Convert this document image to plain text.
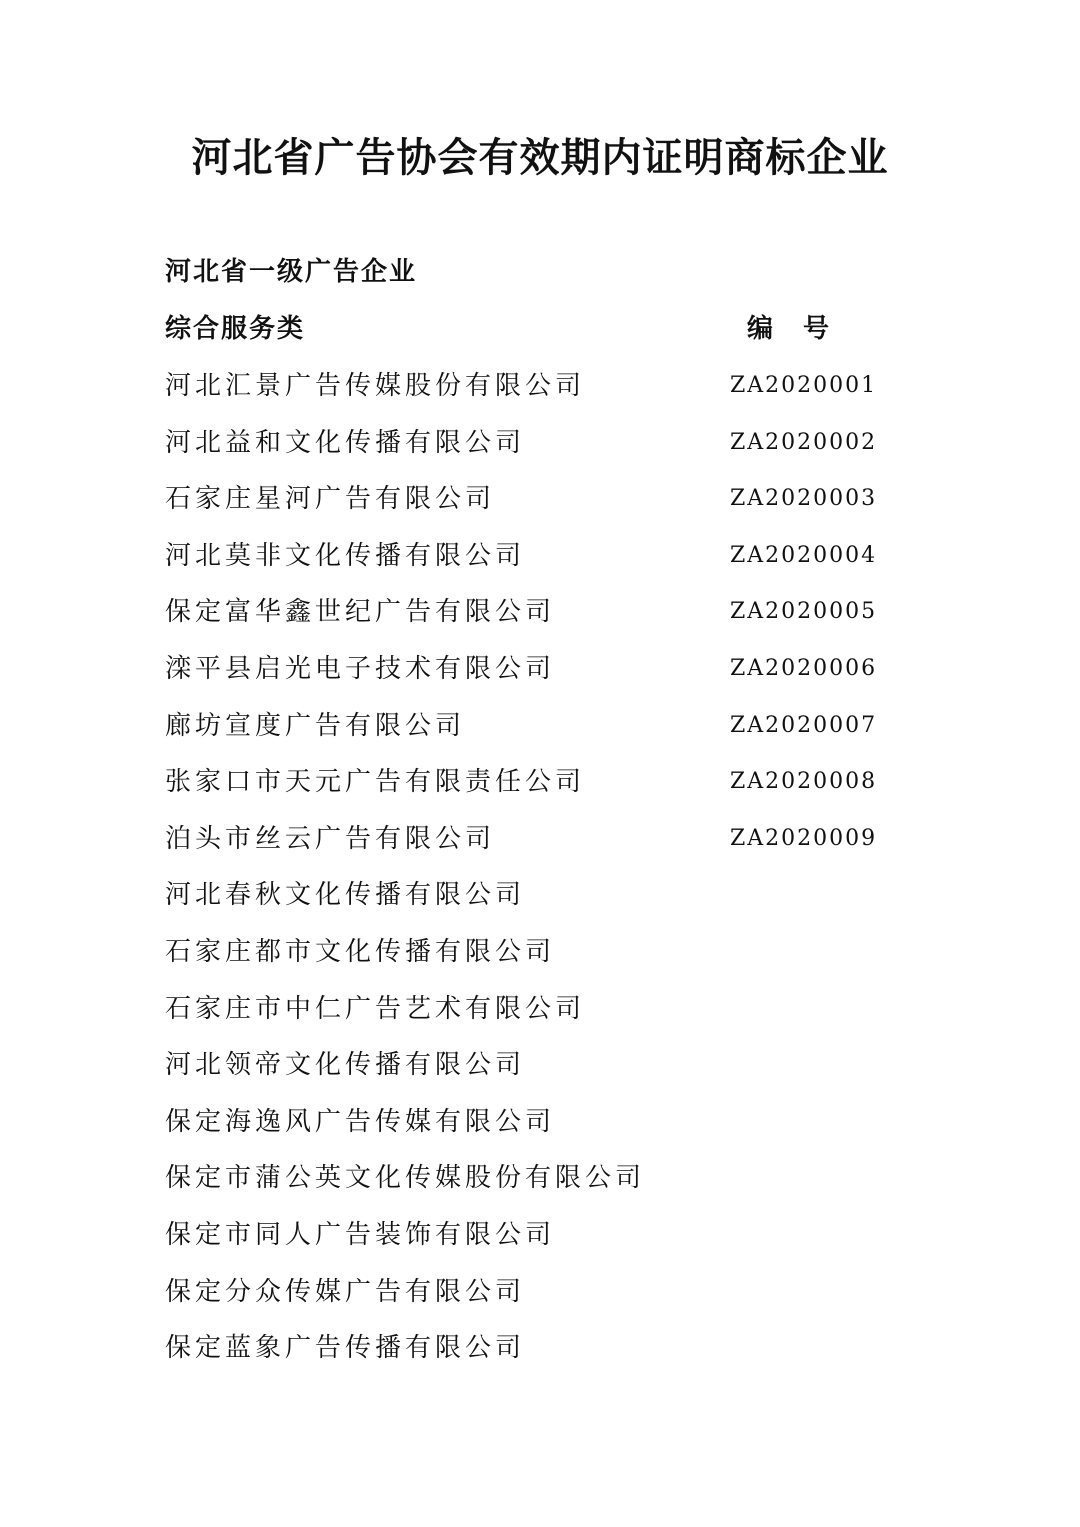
河北省广告协会有效期内证明商标企业
河北省一级广告企业
综合服务类	编号
河北汇景广告传媒股份有限公司	ZA2020001
河北益和文化传播有限公司	ZA2020002
石家庄星河广告有限公司	ZA2020003
河北莫非文化传播有限公司	ZA2020004
保定富华鑫世纪广告有限公司	ZA2020005
滦平县启光电子技术有限公司	ZA2020006
廊坊宣度广告有限公司	ZA2020007
张家口市天元广告有限责任公司	ZA2020008
泊头市丝云广告有限公司	ZA2020009
河北春秋文化传播有限公司
石家庄都市文化传播有限公司
石家庄市中仁广告艺术有限公司
河北领帝文化传播有限公司
保定海逸风广告传媒有限公司
保定市蒲公英文化传媒股份有限公司
保定市同人广告装饰有限公司
保定分众传媒广告有限公司
保定蓝象广告传播有限公司
